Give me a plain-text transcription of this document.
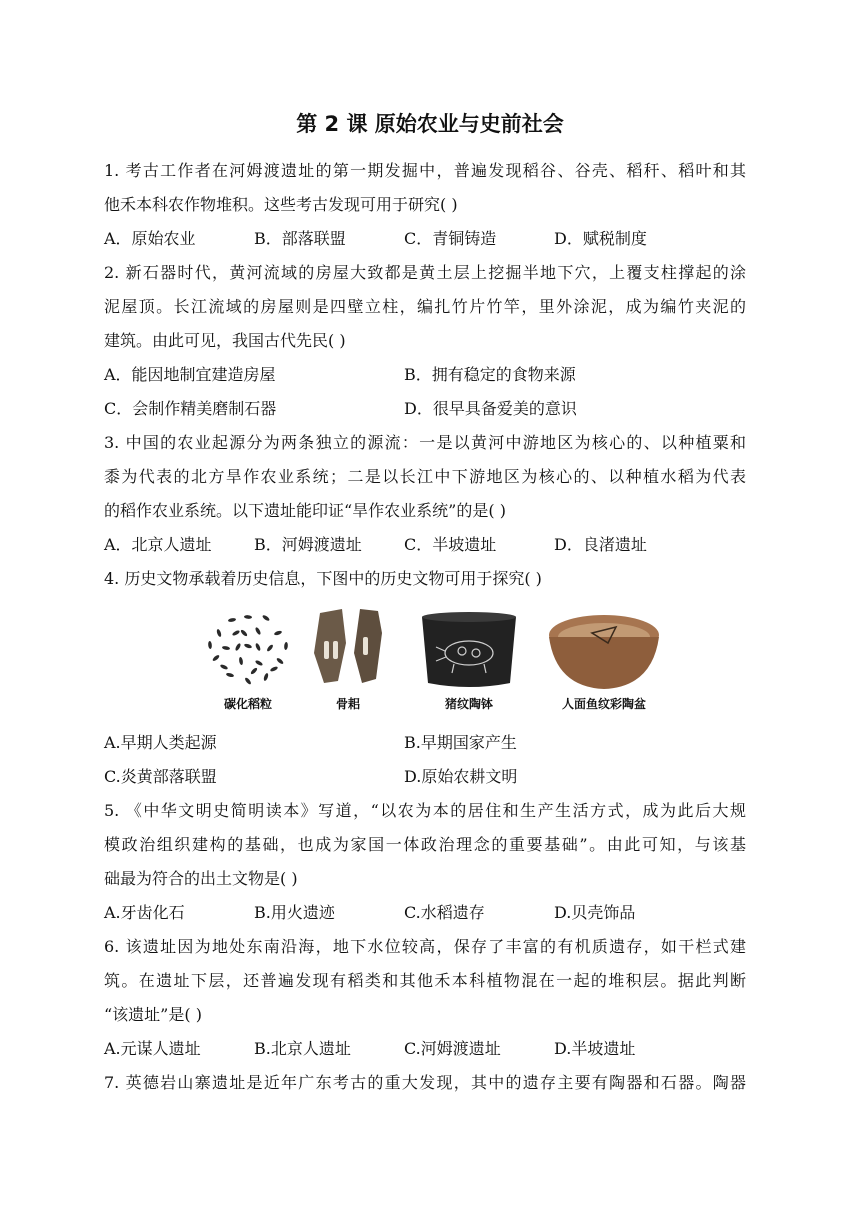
第 2 课 原始农业与史前社会
1. 考古工作者在河姆渡遗址的第一期发掘中，普遍发现稻谷、谷壳、稻秆、稻叶和其
他禾本科农作物堆积。这些考古发现可用于研究( )
A．原始农业	B．部落联盟	C．青铜铸造	D．赋税制度
2. 新石器时代，黄河流域的房屋大致都是黄土层上挖掘半地下穴，上覆支柱撑起的涂
泥屋顶。长江流域的房屋则是四壁立柱，编扎竹片竹竿，里外涂泥，成为编竹夹泥的
建筑。由此可见，我国古代先民( )
A．能因地制宜建造房屋	B．拥有稳定的食物来源
C．会制作精美磨制石器	D．很早具备爱美的意识
3. 中国的农业起源分为两条独立的源流：一是以黄河中游地区为核心的、以种植粟和
黍为代表的北方旱作农业系统；二是以长江中下游地区为核心的、以种植水稻为代表
的稻作农业系统。以下遗址能印证“旱作农业系统”的是( )
A．北京人遗址	B．河姆渡遗址	C．半坡遗址	D．良渚遗址
4. 历史文物承载着历史信息，下图中的历史文物可用于探究( )
碳化稻粒	骨耜	猪纹陶钵	人面鱼纹彩陶盆
A.早期人类起源	B.早期国家产生
C.炎黄部落联盟	D.原始农耕文明
5. 《中华文明史简明读本》写道，“以农为本的居住和生产生活方式，成为此后大规
模政治组织建构的基础，也成为家国一体政治理念的重要基础”。由此可知，与该基
础最为符合的出土文物是( )
A.牙齿化石	B.用火遗迹	C.水稻遗存	D.贝壳饰品
6. 该遗址因为地处东南沿海，地下水位较高，保存了丰富的有机质遗存，如干栏式建
筑。在遗址下层，还普遍发现有稻类和其他禾本科植物混在一起的堆积层。据此判断
“该遗址”是( )
A.元谋人遗址	B.北京人遗址	C.河姆渡遗址	D.半坡遗址
7. 英德岩山寨遗址是近年广东考古的重大发现，其中的遗存主要有陶器和石器。陶器
